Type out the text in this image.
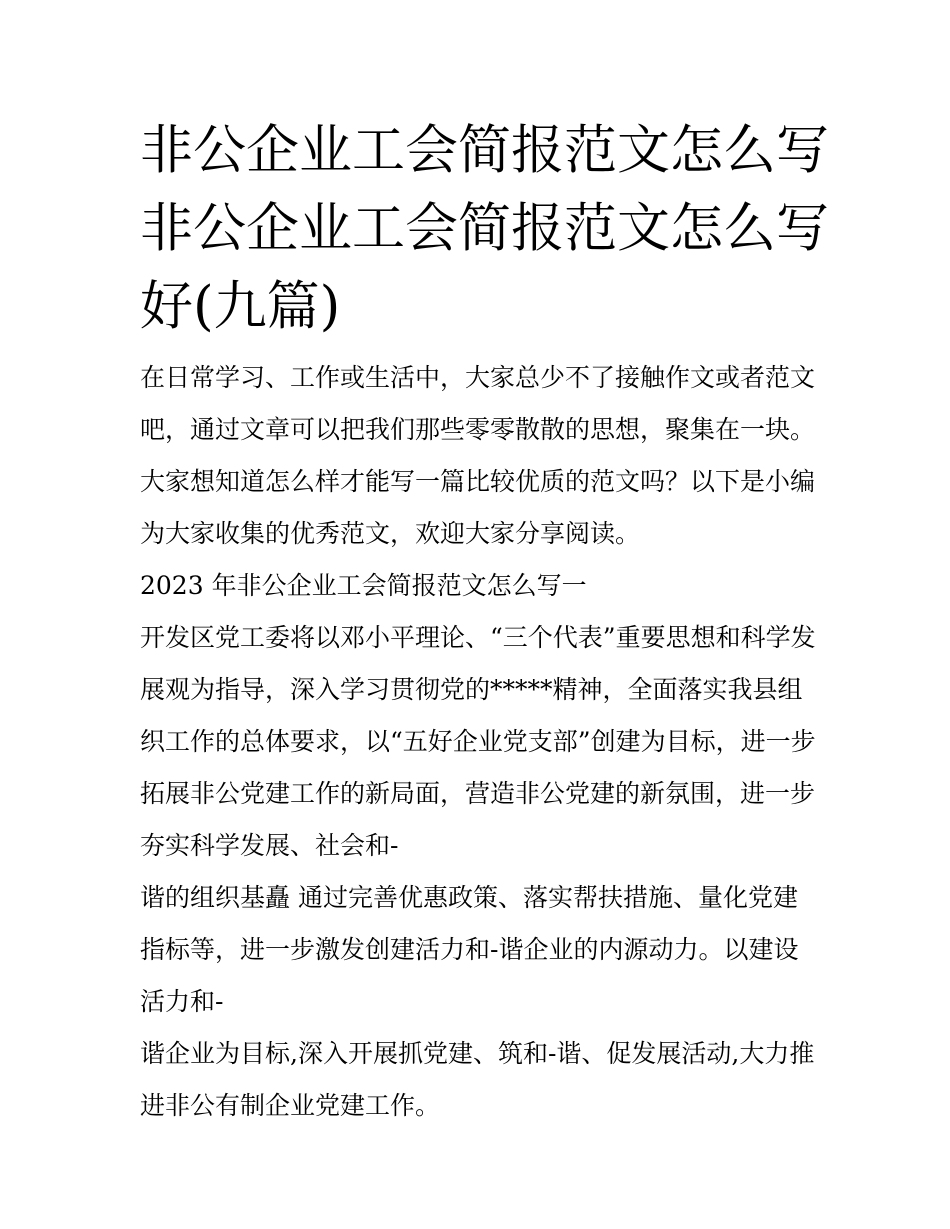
非公企业工会简报范文怎么写
非公企业工会简报范文怎么写
好(九篇)
在日常学习、工作或生活中，大家总少不了接触作文或者范文
吧，通过文章可以把我们那些零零散散的思想，聚集在一块。
大家想知道怎么样才能写一篇比较优质的范文吗？以下是小编
为大家收集的优秀范文，欢迎大家分享阅读。
2023 年非公企业工会简报范文怎么写一
开发区党工委将以邓小平理论、“三个代表”重要思想和科学发
展观为指导，深入学习贯彻党的*****精神，全面落实我县组
织工作的总体要求，以“五好企业党支部”创建为目标，进一步
拓展非公党建工作的新局面，营造非公党建的新氛围，进一步
夯实科学发展、社会和-
谐的组织基矗 通过完善优惠政策、落实帮扶措施、量化党建
指标等，进一步激发创建活力和-谐企业的内源动力。以建设
活力和-
谐企业为目标,深入开展抓党建、筑和-谐、促发展活动,大力推
进非公有制企业党建工作。
